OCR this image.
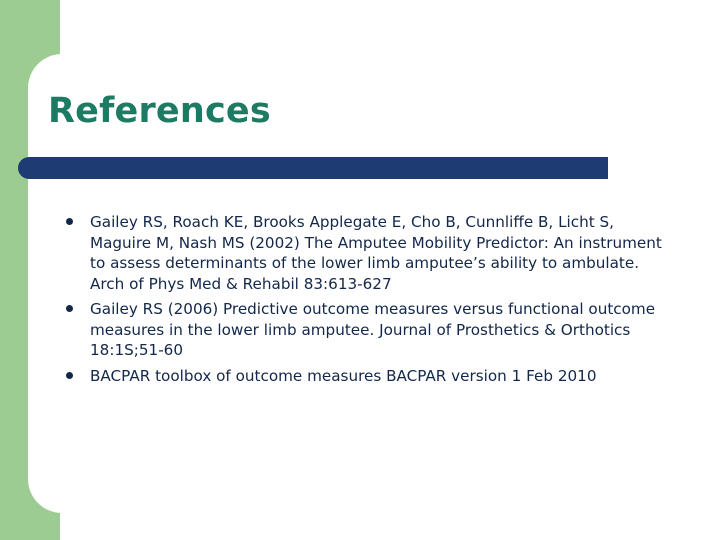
References
Gailey RS, Roach KE, Brooks Applegate E, Cho B, Cunnliffe B, Licht S, Maguire M, Nash MS (2002) The Amputee Mobility Predictor: An instrument to assess determinants of the lower limb amputee’s ability to ambulate. Arch of Phys Med & Rehabil 83:613-627
Gailey RS (2006) Predictive outcome measures versus functional outcome measures in the lower limb amputee. Journal of Prosthetics & Orthotics 18:1S;51-60
BACPAR toolbox of outcome measures BACPAR version 1 Feb 2010
